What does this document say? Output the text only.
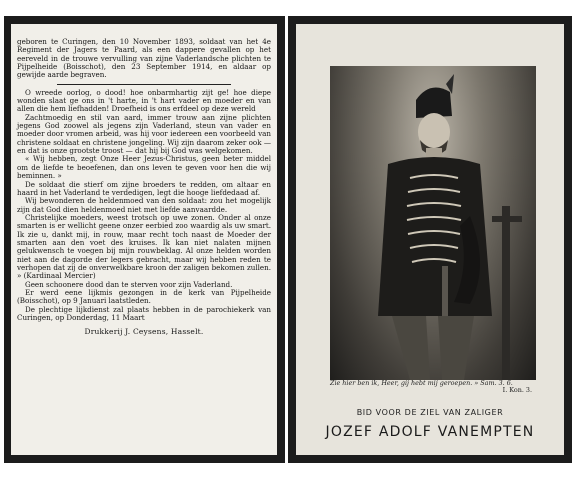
geboren te Curingen, den 10 November 1893, soldaat van het 4e Regiment der Jagers te Paard, als een dappere gevallen op het eereveld in de trouwe vervulling van zijne Vaderlandsche plichten te Pijpelheide (Boisschot), den 23 September 1914, en aldaar op gewijde aarde begraven.

O wreede oorlog, o dood! hoe onbarmhartig zijt ge! hoe diepe wonden slaat ge ons in 't harte, in 't hart vader en moeder en van allen die hem liefhadden! Droefheid is ons erfdeel op deze wereld

Zachtmoedig en stil van aard, immer trouw aan zijne plichten jegens God zoowel als jegens zijn Vaderland, steun van vader en moeder door vromen arbeid, was hij voor iedereen een voorbeeld van christene soldaat en christene jongeling. Wij zijn daarom zeker ook — en dat is onze grootste troost — dat hij bij God was welgekomen.

« Wij hebben, zegt Onze Heer Jezus-Christus, geen beter middel om de liefde te beoefenen, dan ons leven te geven voor hen die wij beminnen. »

De soldaat die stierf om zijne broeders te redden, om altaar en haard in het Vaderland te verdedigen, legt die hooge liefdedaad af.

Wij bewonderen de heldenmoed van den soldaat: zou het mogelijk zijn dat God dien heldenmoed niet met liefde aanvaardde.

Christelijke moeders, weest trotsch op uwe zonen. Onder al onze smarten is er wellicht geene onzer eerbied zoo waardig als uw smart. Ik zie u, dankt mij, in rouw, maar recht toch naast de Moeder der smarten aan den voet des kruises. Ik kan niet nalaten mijnen gelukwensch te voegen bij mijn rouwbeklag. Al onze helden worden niet aan de dagorde der legers gebracht, maar wij hebben reden te verhopen dat zij de onverwelkbare kroon der zaligen bekomen zullen. » (Kardinaal Mercier)

Geen schoonere dood dan te sterven voor zijn Vaderland.

Er werd eene lijkmis gezongen in de kerk van Pijpelheide (Boisschot), op 9 Januari laatstleden.

De plechtige lijkdienst zal plaats hebben in de parochiekerk van Curingen, op Donderdag, 11 Maart

Drukkerij J. Ceysens, Hasselt.
Zie hier ben ik, Heer, gij hebt mij geroepen. » Sam. 3. 6.
I. Kon. 3.
BID VOOR DE ZIEL VAN ZALIGER
JOZEF ADOLF VANEMPTEN
